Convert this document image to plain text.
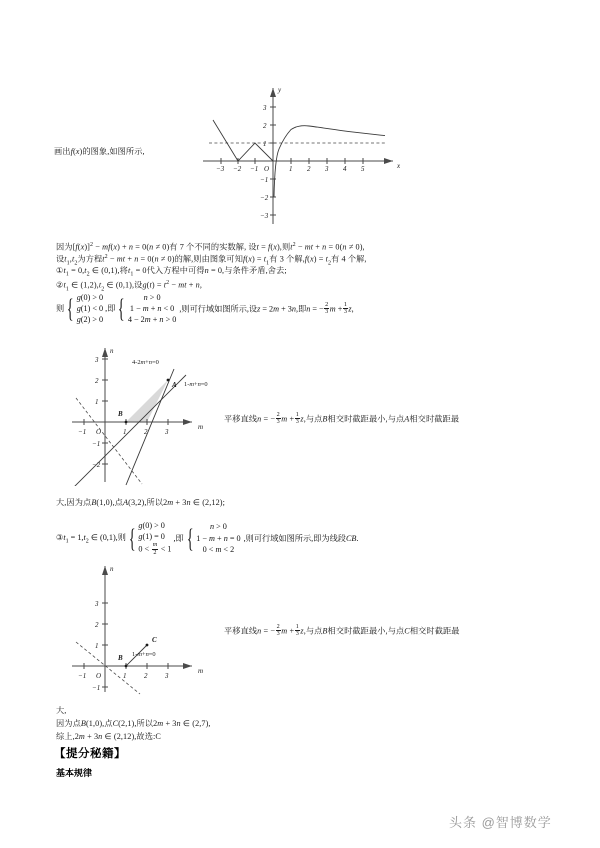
画出f(x)的图象,如图所示,
y
x
O
−3 −2 −1	1 2 3 4 5
1
2
3
−1
−2
−3
因为$[f(x)]^2 - mf(x) + n = 0(n \ne 0)$有 7 个不同的实数解, 设t = f(x),则$t^2$ − mt + n = 0(n ≠ 0),
设$t_1,t_2$为方程$t^2$ − mt + n = 0(n ≠ 0)的解,则由图象可知$f(x) = t_1$有 3 个解$,f(x) = t_2$有 4 个解,
$①t_1 = 0,t_2$ ∈ (0,1),将$t_1 = 0$代入方程中可得n = 0,与条件矛盾,舍去;
$②t_1$ ∈ $(1,2),t_2$ ∈ (0,1),设$g(t) = t^2$ − mt + n,
则 { g(0) > 0
g(1) < 0
g(2) > 0
,即 {	n > 0
1 − m + n < 0
4 − 2m + n > 0
,则可行域如图所示,设z = 2m + 3n,即n = − $\frac{2}{3}$ $m + \frac{1}{3} z$,
n
m
O
−1	1	2	3
1
2
3
−1
−2
A
B
4-2m+n=0
1-m+n=0
平移直线n = − $\frac{2}{3}$ $m + \frac{1}{3} z$,与点B相交时截距最小,与点A相交时截距最
大,因为点B(1,0),点A(3,2),所以2m + 3n ∈ (2,12);
$③t_1 = 1,t_2$ ∈ (0,1),则 { g(0) > 0
g(1) = 0
$0 < \frac{m}{2} < 1$
,即 {	n > 0
1 − m + n = 0
0 < m < 2
,则可行域如图所示,即为线段CB.
n
m
O
−1	1	2	3
1
2
3
−1
B
C
1-m+n=0
平移直线n = − $\frac{2}{3}$ $m + \frac{1}{3} z$,与点B相交时截距最小,与点C相交时截距最
大,
因为点B(1,0),点C(2,1),所以2m + 3n ∈ (2,7),
综上,2m + 3n ∈ (2,12),故选:C
【提分秘籍】
基本规律
头条 @智博数学
